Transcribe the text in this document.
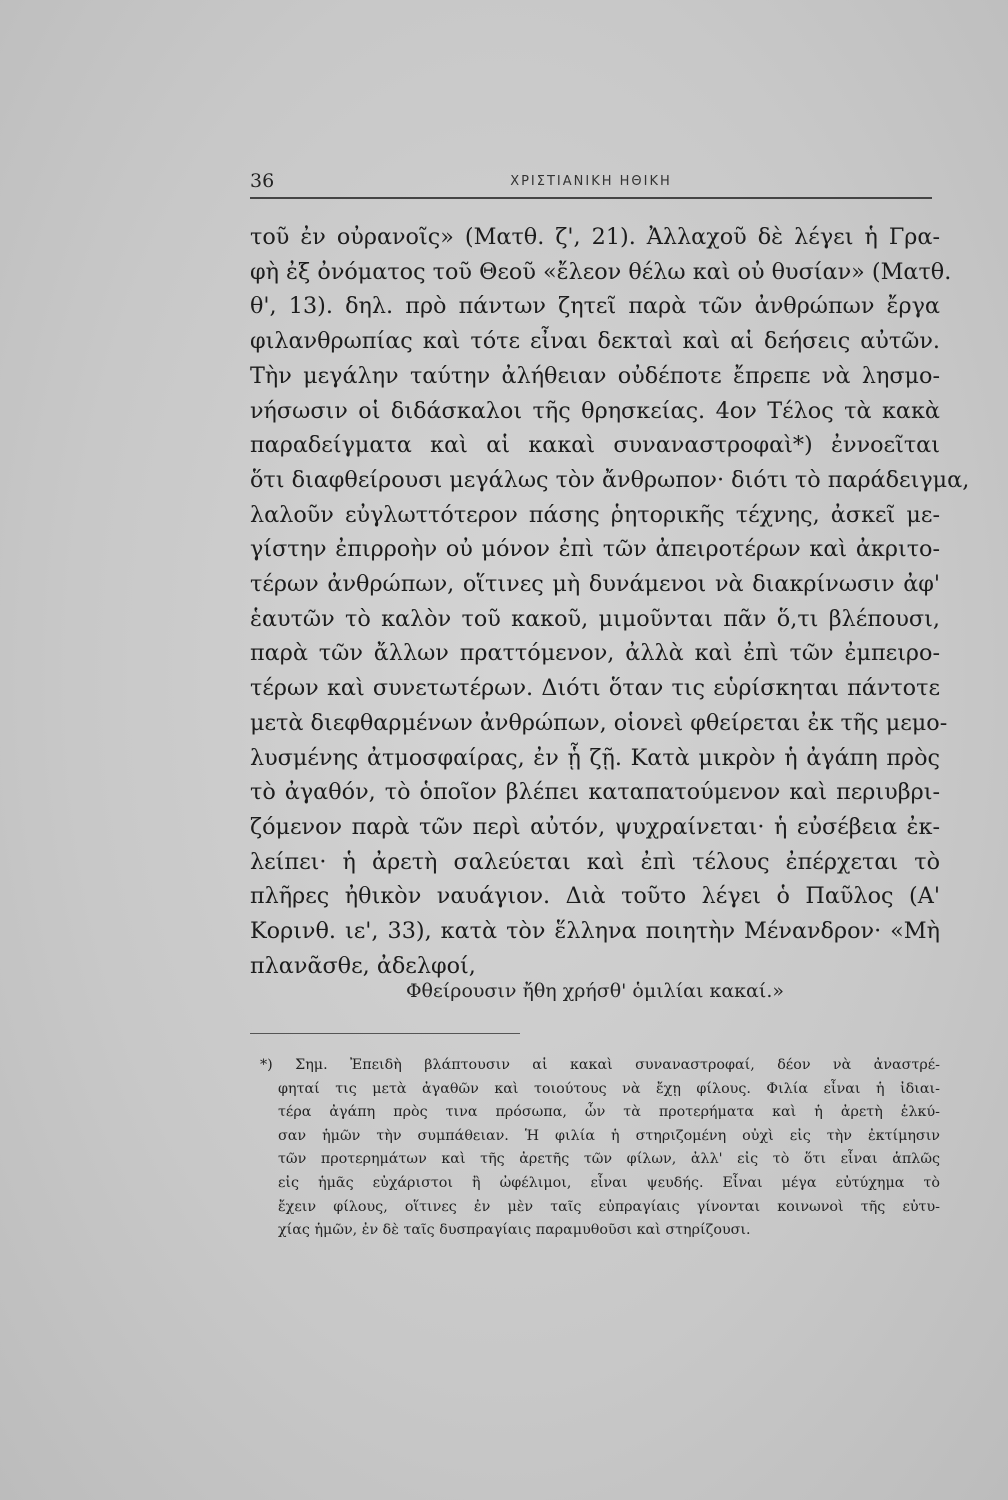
36	ΧΡΙΣΤΙΑΝΙΚΗ ΗΘΙΚΗ
τοῦ ἐν οὐρανοῖς» (Ματθ. ζ', 21). Ἀλλαχοῦ δὲ λέγει ἡ Γρα-
φὴ ἐξ ὀνόματος τοῦ Θεοῦ «ἔλεον θέλω καὶ οὐ θυσίαν» (Ματθ.
θ', 13). δηλ. πρὸ πάντων ζητεῖ παρὰ τῶν ἀνθρώπων ἔργα
φιλανθρωπίας καὶ τότε εἶναι δεκταὶ καὶ αἱ δεήσεις αὐτῶν.
Τὴν μεγάλην ταύτην ἀλήθειαν οὐδέποτε ἔπρεπε νὰ λησμο-
νήσωσιν οἱ διδάσκαλοι τῆς θρησκείας. 4ον Τέλος τὰ κακὰ
παραδείγματα καὶ αἱ κακαὶ συναναστροφαὶ*) ἐννοεῖται
ὅτι διαφθείρουσι μεγάλως τὸν ἄνθρωπον· διότι τὸ παράδειγμα,
λαλοῦν εὐγλωττότερον πάσης ῥητορικῆς τέχνης, ἀσκεῖ με-
γίστην ἐπιρροὴν οὐ μόνον ἐπὶ τῶν ἀπειροτέρων καὶ ἀκριτο-
τέρων ἀνθρώπων, οἵτινες μὴ δυνάμενοι νὰ διακρίνωσιν ἀφ'
ἑαυτῶν τὸ καλὸν τοῦ κακοῦ, μιμοῦνται πᾶν ὅ,τι βλέπουσι,
παρὰ τῶν ἄλλων πραττόμενον, ἀλλὰ καὶ ἐπὶ τῶν ἐμπειρο-
τέρων καὶ συνετωτέρων. Διότι ὅταν τις εὑρίσκηται πάντοτε
μετὰ διεφθαρμένων ἀνθρώπων, οἱονεὶ φθείρεται ἐκ τῆς μεμο-
λυσμένης ἀτμοσφαίρας, ἐν ᾗ ζῇ. Κατὰ μικρὸν ἡ ἀγάπη πρὸς
τὸ ἀγαθόν, τὸ ὁποῖον βλέπει καταπατούμενον καὶ περιυβρι-
ζόμενον παρὰ τῶν περὶ αὐτόν, ψυχραίνεται· ἡ εὐσέβεια ἐκ-
λείπει· ἡ ἀρετὴ σαλεύεται καὶ ἐπὶ τέλους ἐπέρχεται τὸ
πλῆρες ἠθικὸν ναυάγιον. Διὰ τοῦτο λέγει ὁ Παῦλος (Α'
Κορινθ. ιε', 33), κατὰ τὸν ἕλληνα ποιητὴν Μένανδρον· «Μὴ
πλανᾶσθε, ἀδελφοί,
Φθείρουσιν ἤθη χρήσθ' ὁμιλίαι κακαί.»
*) Σημ. Ἐπειδὴ βλάπτουσιν αἱ κακαὶ συναναστροφαί, δέον νὰ ἀναστρέ-
φηταί τις μετὰ ἀγαθῶν καὶ τοιούτους νὰ ἔχῃ φίλους. Φιλία εἶναι ἡ ἰδιαι-
τέρα ἀγάπη πρὸς τινα πρόσωπα, ὧν τὰ προτερήματα καὶ ἡ ἀρετὴ ἑλκύ-
σαν ἡμῶν τὴν συμπάθειαν. Ἡ φιλία ἡ στηριζομένη οὐχὶ εἰς τὴν ἐκτίμησιν
τῶν προτερημάτων καὶ τῆς ἀρετῆς τῶν φίλων, ἀλλ' εἰς τὸ ὅτι εἶναι ἁπλῶς
εἰς ἡμᾶς εὐχάριστοι ἢ ὠφέλιμοι, εἶναι ψευδής. Εἶναι μέγα εὐτύχημα τὸ
ἔχειν φίλους, οἵτινες ἐν μὲν ταῖς εὐπραγίαις γίνονται κοινωνοὶ τῆς εὐτυ-
χίας ἡμῶν, ἐν δὲ ταῖς δυσπραγίαις παραμυθοῦσι καὶ στηρίζουσι.
